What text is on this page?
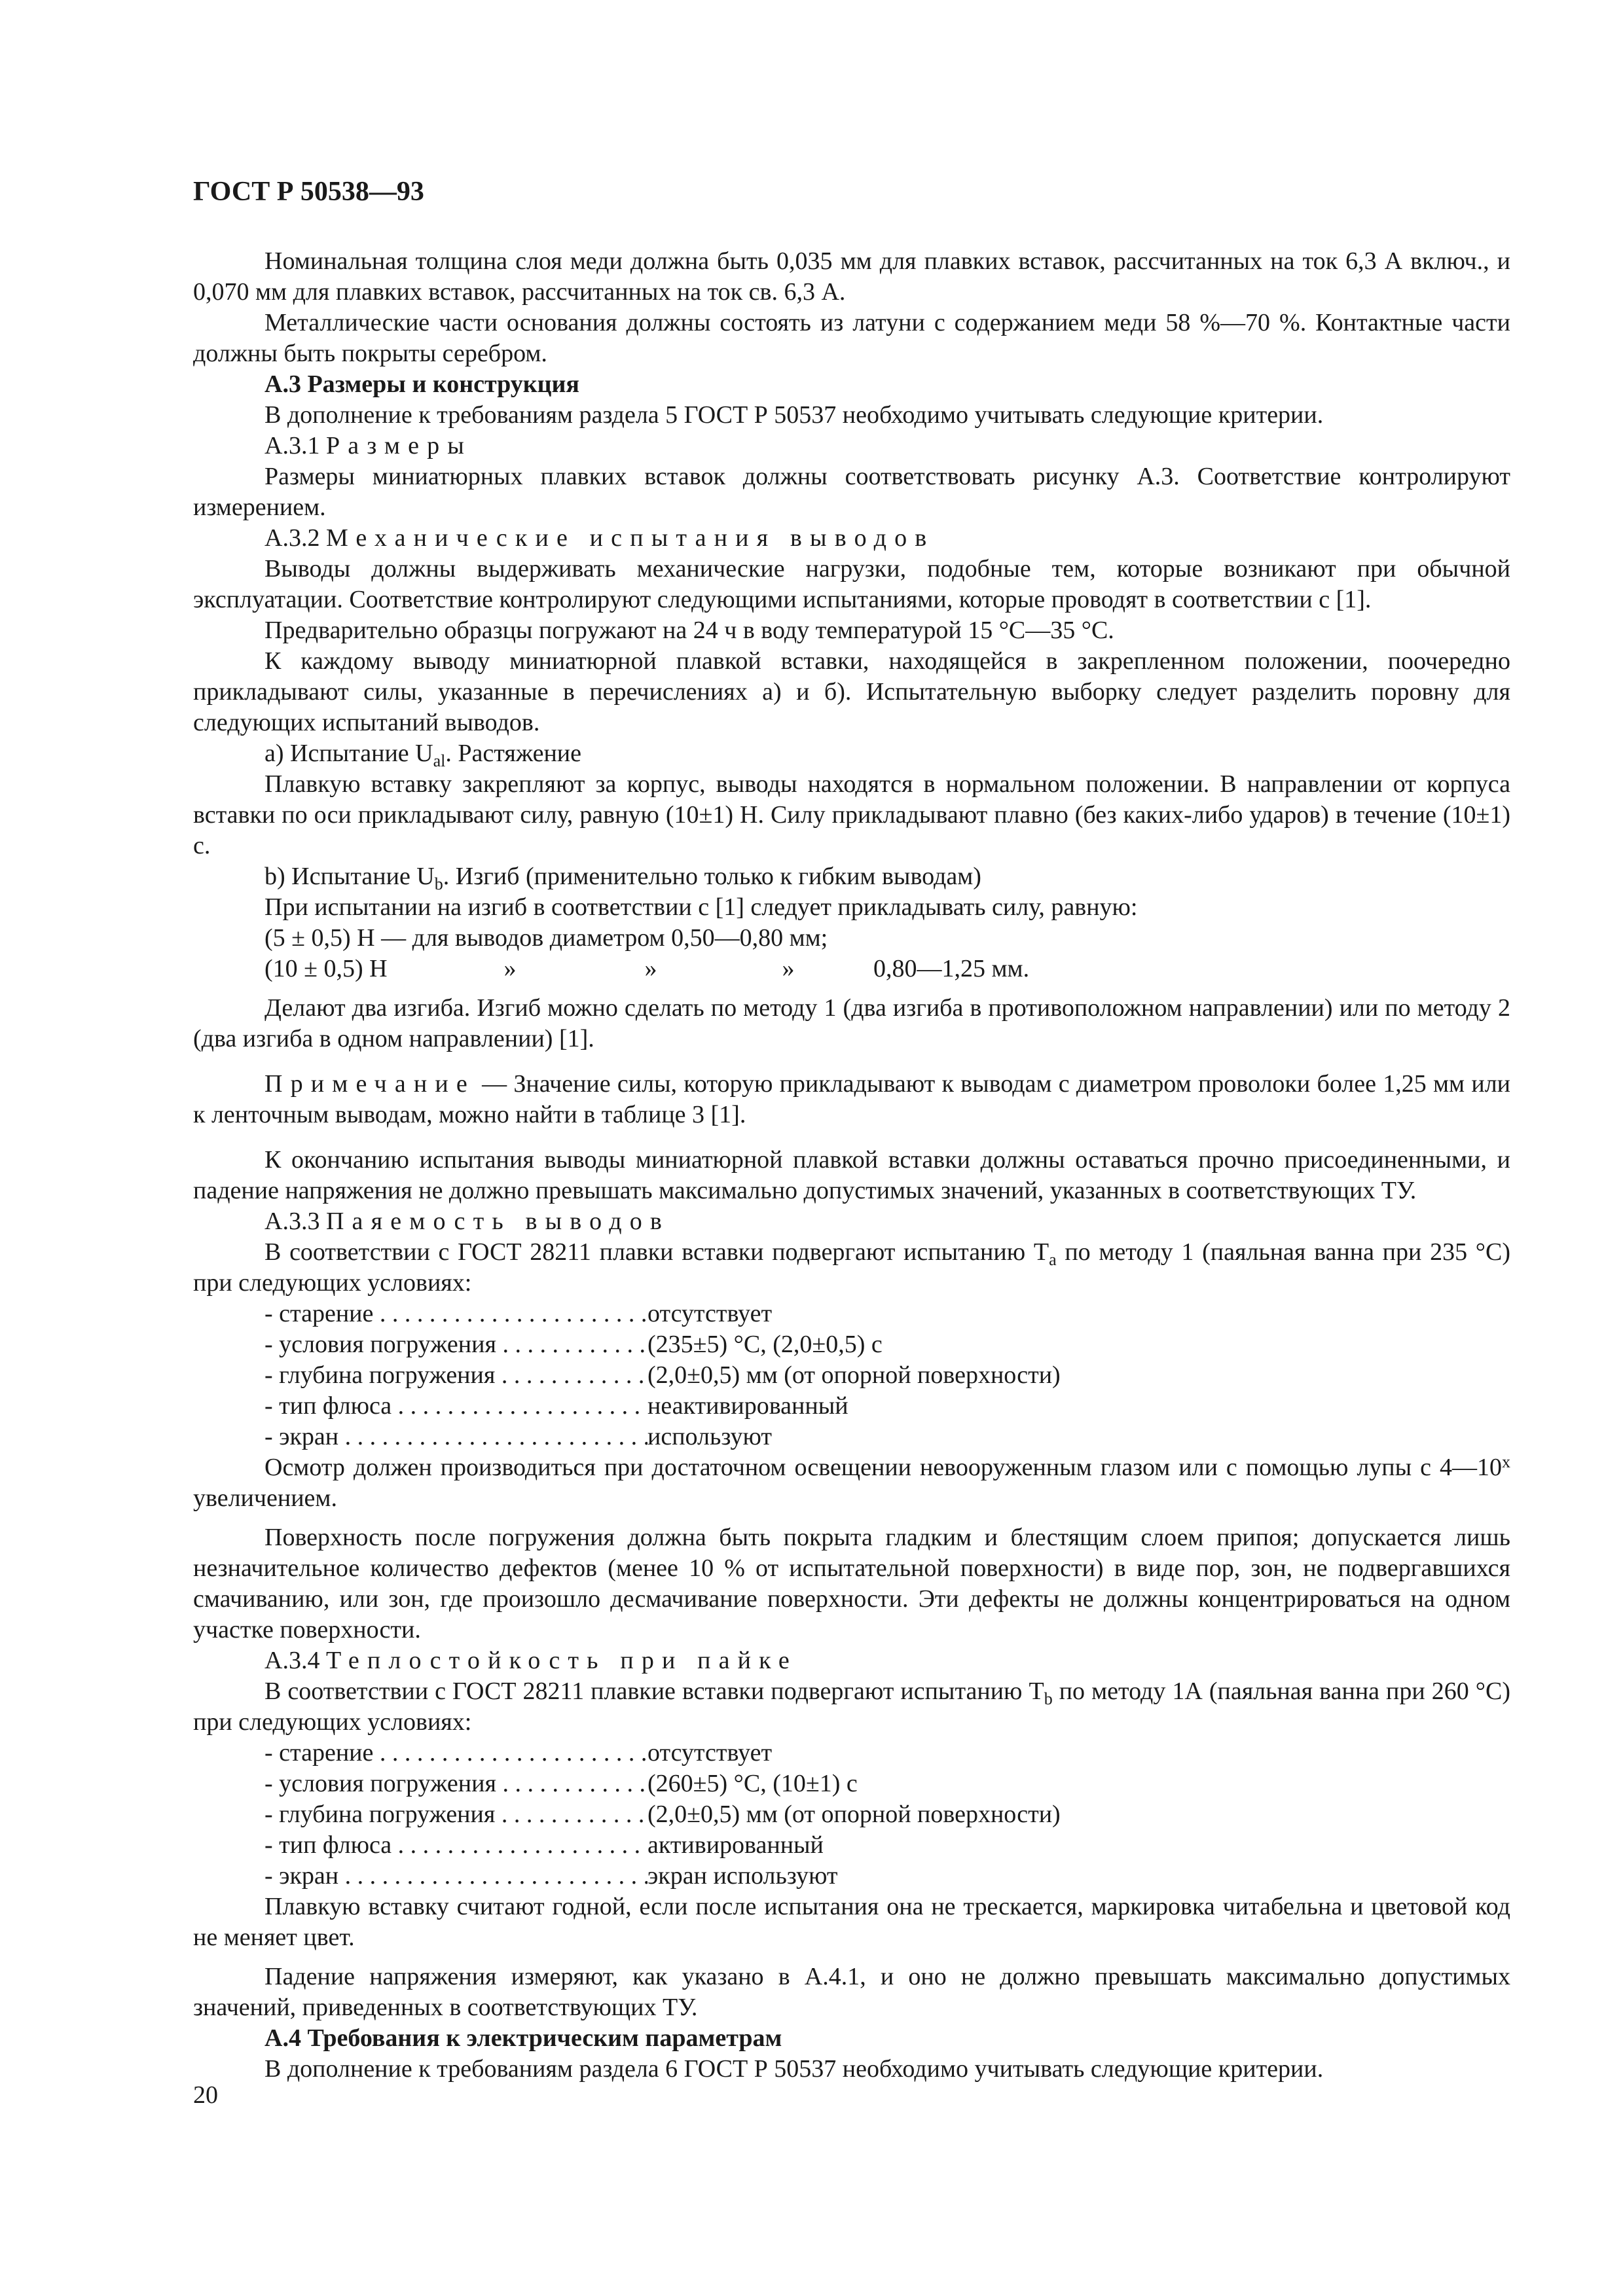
ГОСТ Р 50538—93

Номинальная толщина слоя меди должна быть 0,035 мм для плавких вставок, рассчитанных на ток 6,3 А включ., и 0,070 мм для плавких вставок, рассчитанных на ток св. 6,3 А.

Металлические части основания должны состоять из латуни с содержанием меди 58 %—70 %. Контактные части должны быть покрыты серебром.

А.3 Размеры и конструкция

В дополнение к требованиям раздела 5 ГОСТ Р 50537 необходимо учитывать следующие критерии.

А.3.1 Размеры

Размеры миниатюрных плавких вставок должны соответствовать рисунку А.3. Соответствие контролируют измерением.

А.3.2 Механические испытания выводов

Выводы должны выдерживать механические нагрузки, подобные тем, которые возникают при обычной эксплуатации. Соответствие контролируют следующими испытаниями, которые проводят в соответствии с [1].

Предварительно образцы погружают на 24 ч в воду температурой 15 °С—35 °С.

К каждому выводу миниатюрной плавкой вставки, находящейся в закрепленном положении, поочередно прикладывают силы, указанные в перечислениях а) и б). Испытательную выборку следует разделить поровну для следующих испытаний выводов.

a) Испытание $U_{al}$. Растяжение

Плавкую вставку закрепляют за корпус, выводы находятся в нормальном положении. В направлении от корпуса вставки по оси прикладывают силу, равную (10±1) Н. Силу прикладывают плавно (без каких-либо ударов) в течение (10±1) с.

b) Испытание $U_b$. Изгиб (применительно только к гибким выводам)

При испытании на изгиб в соответствии с [1] следует прикладывать силу, равную:

(5 ± 0,5) Н — для выводов диаметром 0,50—0,80 мм;
(10 ± 0,5) Н	»	»	»	0,80—1,25 мм.

Делают два изгиба. Изгиб можно сделать по методу 1 (два изгиба в противоположном направлении) или по методу 2 (два изгиба в одном направлении) [1].

Примечание — Значение силы, которую прикладывают к выводам с диаметром проволоки более 1,25 мм или к ленточным выводам, можно найти в таблице 3 [1].

К окончанию испытания выводы миниатюрной плавкой вставки должны оставаться прочно присоединенными, и падение напряжения не должно превышать максимально допустимых значений, указанных в соответствующих ТУ.

А.3.3 Паяемость выводов

В соответствии с ГОСТ 28211 плавки вставки подвергают испытанию $Т_а$ по методу 1 (паяльная ванна при 235 °С) при следующих условиях:

- старение . . .	отсутствует
- условия погружения . . .	(235±5) °С, (2,0±0,5) с
- глубина погружения . . .	(2,0±0,5) мм (от опорной поверхности)
- тип флюса . . .	неактивированный
- экран . . .	используют

Осмотр должен производиться при достаточном освещении невооруженным глазом или с помощью лупы с $4—10^х$ увеличением.

Поверхность после погружения должна быть покрыта гладким и блестящим слоем припоя; допускается лишь незначительное количество дефектов (менее 10 % от испытательной поверхности) в виде пор, зон, не подвергавшихся смачиванию, или зон, где произошло десмачивание поверхности. Эти дефекты не должны концентрироваться на одном участке поверхности.

А.3.4 Теплостойкость при пайке

В соответствии с ГОСТ 28211 плавкие вставки подвергают испытанию $Т_b$ по методу 1А (паяльная ванна при 260 °С) при следующих условиях:

- старение . . .	отсутствует
- условия погружения . . .	(260±5) °С, (10±1) с
- глубина погружения . . .	(2,0±0,5) мм (от опорной поверхности)
- тип флюса . . .	активированный
- экран . . .	экран используют

Плавкую вставку считают годной, если после испытания она не трескается, маркировка читабельна и цветовой код не меняет цвет.

Падение напряжения измеряют, как указано в А.4.1, и оно не должно превышать максимально допустимых значений, приведенных в соответствующих ТУ.

А.4 Требования к электрическим параметрам

В дополнение к требованиям раздела 6 ГОСТ Р 50537 необходимо учитывать следующие критерии.

20
